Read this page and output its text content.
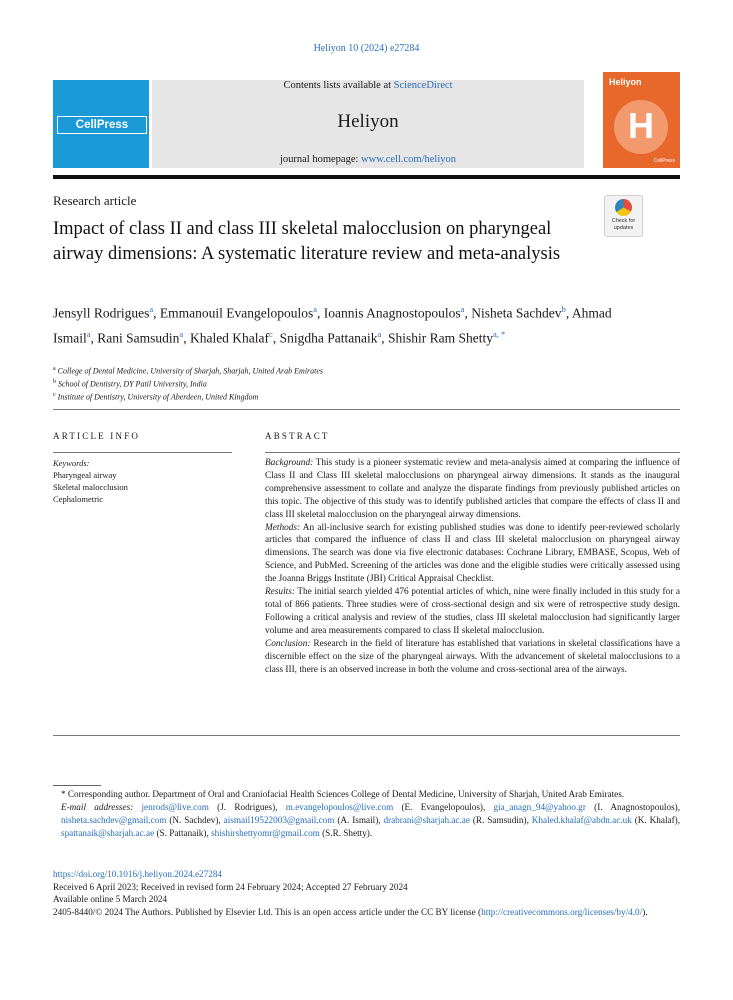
Heliyon 10 (2024) e27284
CellPress
Contents lists available at ScienceDirect
Heliyon
journal homepage: www.cell.com/heliyon
Heliyon
H
CellPress
Research article
Impact of class II and class III skeletal malocclusion on pharyngeal airway dimensions: A systematic literature review and meta-analysis
Check for updates
Jensyll Rodrigues$^a$, Emmanouil Evangelopoulos$^a$, Ioannis Anagnostopoulos$^a$, Nisheta Sachdev$^b$, Ahmad Ismail$^a$, Rani Samsudin$^a$, Khaled Khalaf$^c$, Snigdha Pattanaik$^a$, Shishir Ram Shetty$^{a, *}$
$^a$ College of Dental Medicine, University of Sharjah, Sharjah, United Arab Emirates
$^b$ School of Dentistry, DY Patil University, India
$^c$ Institute of Dentistry, University of Aberdeen, United Kingdom
ARTICLE INFO	ABSTRACT
Keywords:
Pharyngeal airway
Skeletal malocclusion
Cephalometric

Background: This study is a pioneer systematic review and meta-analysis aimed at comparing the influence of Class II and Class III skeletal malocclusions on pharyngeal airway dimensions. It stands as the inaugural comprehensive assessment to collate and analyze the disparate findings from previously published articles on this topic. The objective of this study was to identify published articles that compare the effects of class II and class III skeletal malocclusion on the pharyngeal airway dimensions.

Methods: An all-inclusive search for existing published studies was done to identify peer-reviewed scholarly articles that compared the influence of class II and class III skeletal malocclusion on pharyngeal airway dimensions. The search was done via five electronic databases: Cochrane Library, EMBASE, Scopus, Web of Science, and PubMed. Screening of the articles was done and the eligible studies were critically assessed using the Joanna Briggs Institute (JBI) Critical Appraisal Checklist.

Results: The initial search yielded 476 potential articles of which, nine were finally included in this study for a total of 866 patients. Three studies were of cross-sectional design and six were of retrospective study design. Following a critical analysis and review of the studies, class III skeletal malocclusion had significantly larger volume and area measurements compared to class II skeletal malocclusion.

Conclusion: Research in the field of literature has established that variations in skeletal classifications have a discernible effect on the size of the pharyngeal airways. With the advancement of skeletal malocclusions to a class III, there is an observed increase in both the volume and cross-sectional area of the airways.

* Corresponding author. Department of Oral and Craniofacial Health Sciences College of Dental Medicine, University of Sharjah, United Arab Emirates.

E-mail addresses: jenrods@live.com (J. Rodrigues), m.evangelopoulos@live.com (E. Evangelopoulos), gia_anagn_94@yahoo.gr (I. Anagnostopoulos), nisheta.sachdev@gmail.com (N. Sachdev), aismail19522003@gmail.com (A. Ismail), drabrani@sharjah.ac.ae (R. Samsudin), Khaled.khalaf@abdn.ac.uk (K. Khalaf), spattanaik@sharjah.ac.ae (S. Pattanaik), shishirshettyomr@gmail.com (S.R. Shetty).

https://doi.org/10.1016/j.heliyon.2024.e27284

Received 6 April 2023; Received in revised form 24 February 2024; Accepted 27 February 2024

Available online 5 March 2024

2405-8440/© 2024 The Authors. Published by Elsevier Ltd. This is an open access article under the CC BY license (http://creativecommons.org/licenses/by/4.0/).
